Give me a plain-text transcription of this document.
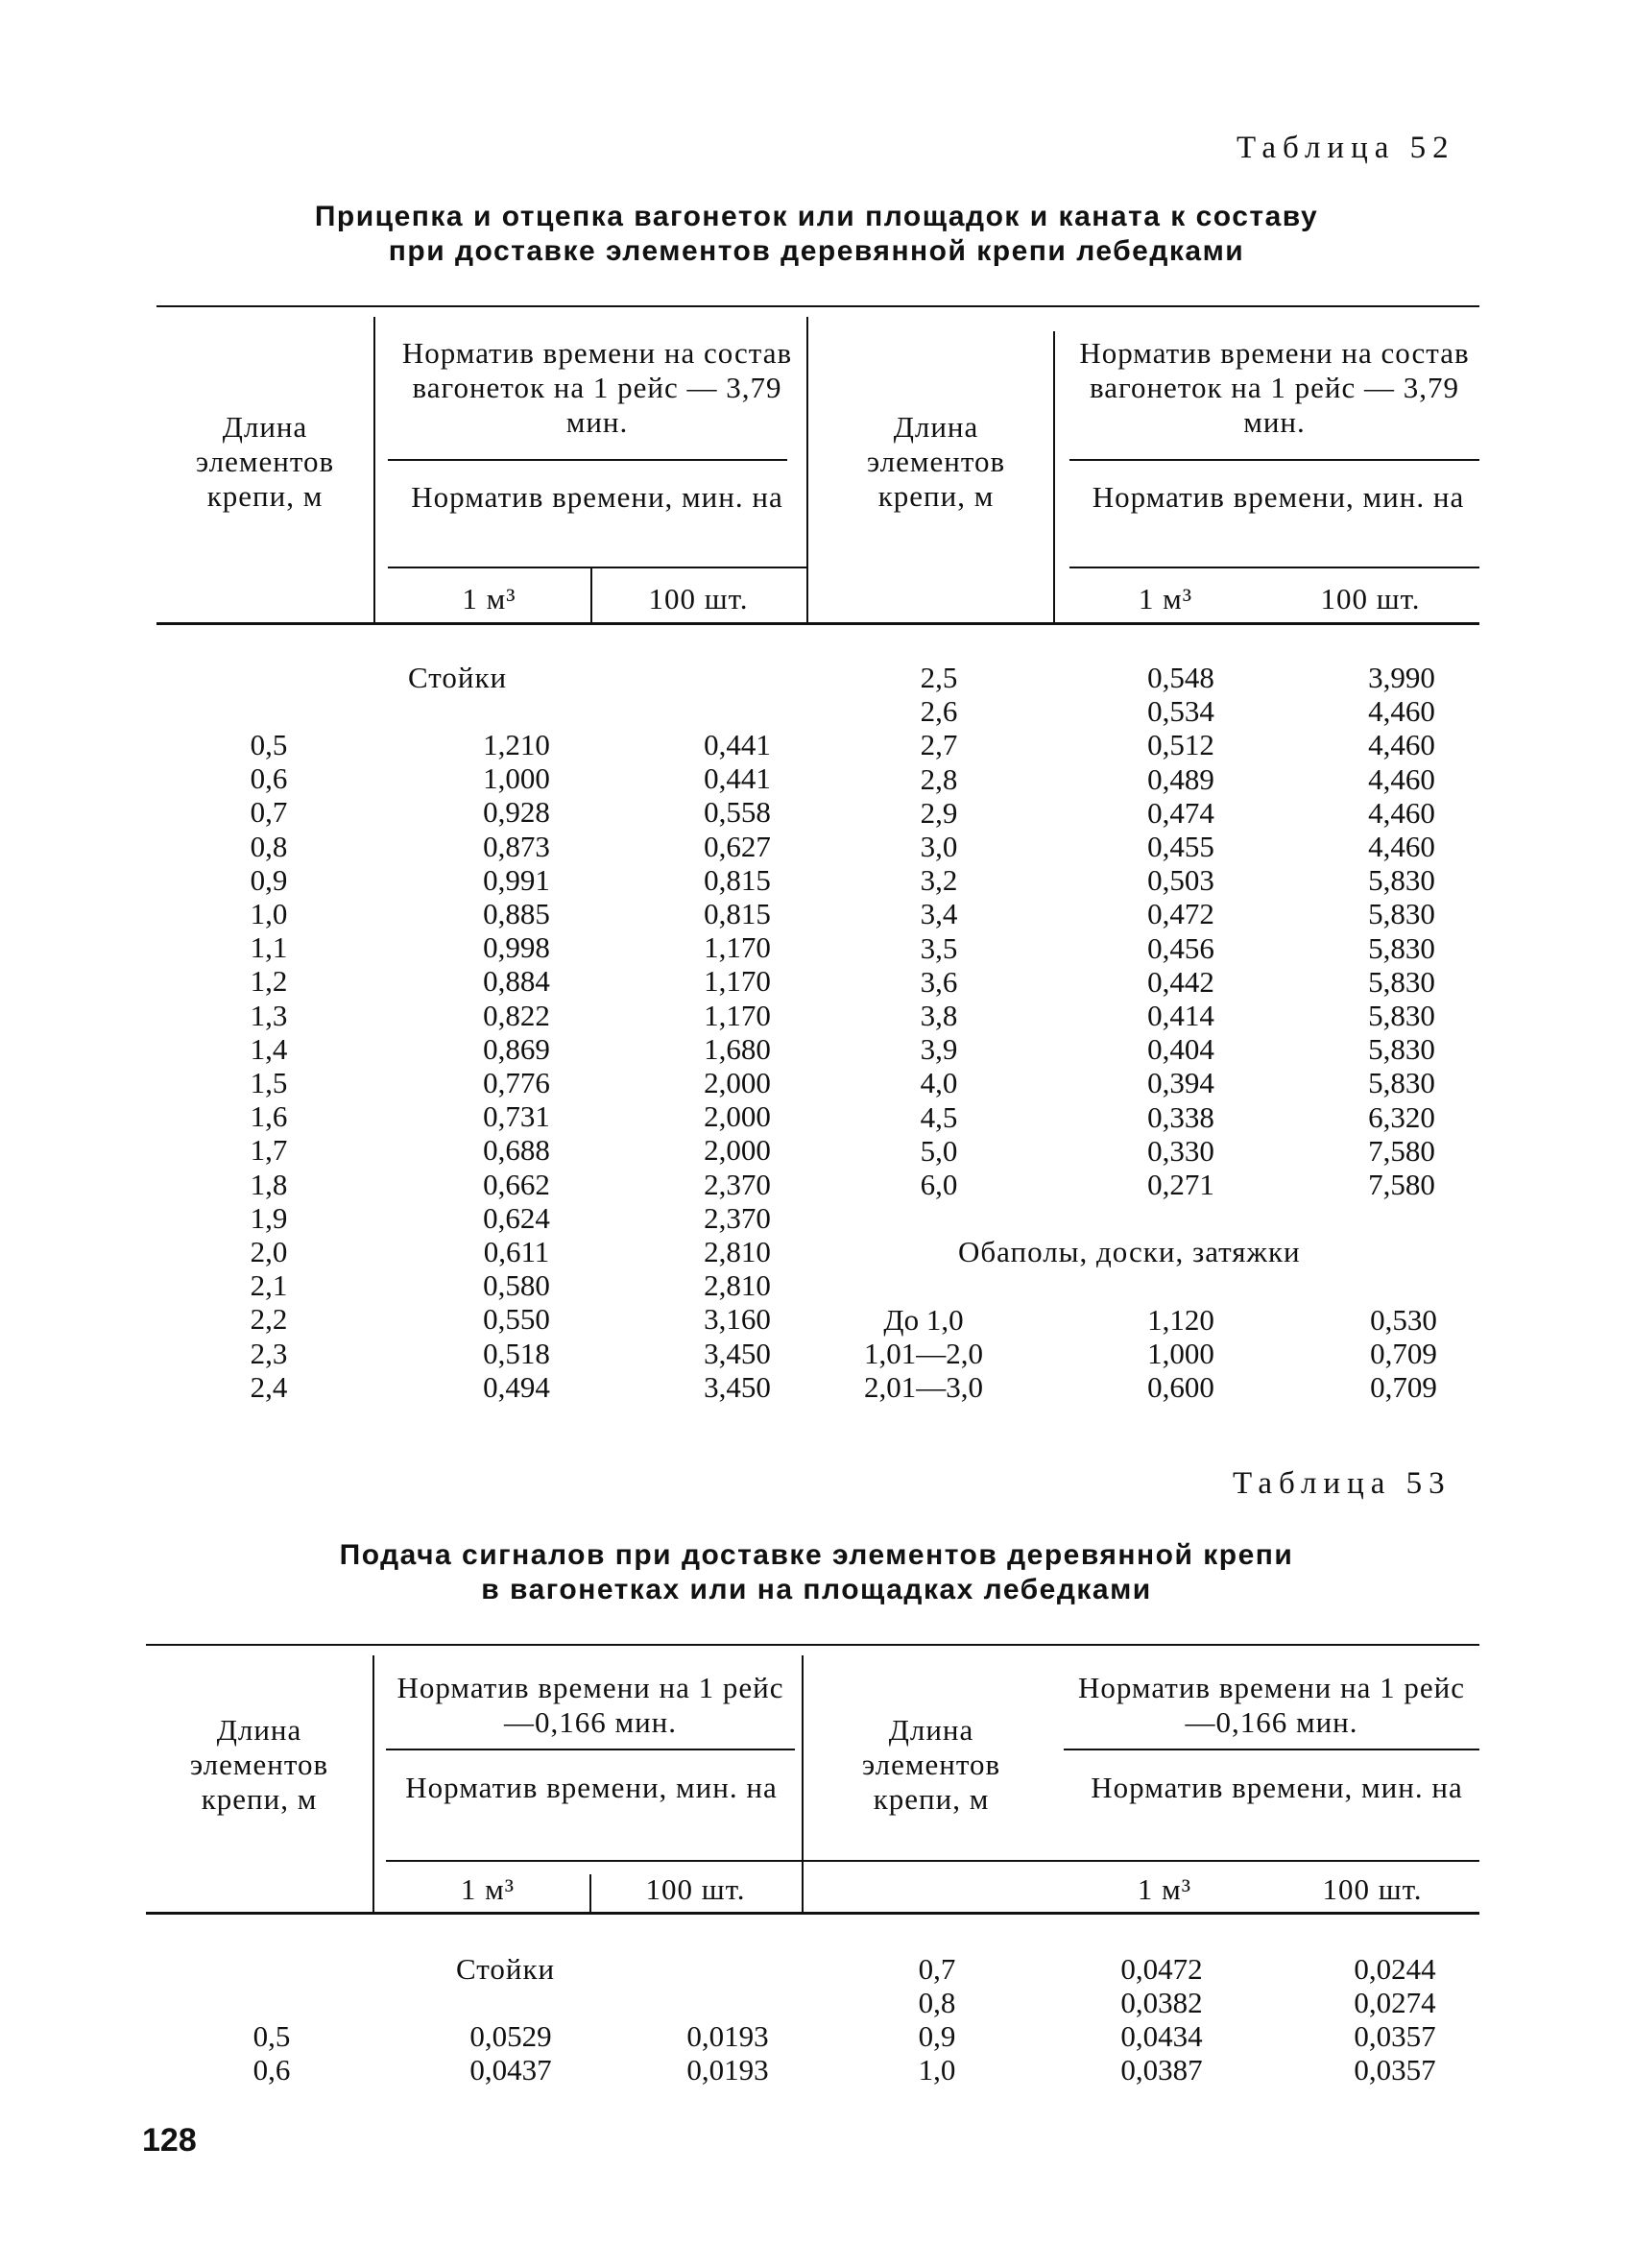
Таблица 52
Прицепка и отцепка вагонеток или площадок и каната к составу
при доставке элементов деревянной крепи лебедками
Длина элементов крепи, м
Норматив времени на состав вагонеток на 1 рейс — 3,79 мин.
Норматив времени, мин. на
1 м³	100 шт.
Длина элементов крепи, м
Норматив времени на состав вагонеток на 1 рейс — 3,79 мин.
Норматив времени, мин. на
1 м³	100 шт.
Стойки
0,5	1,210	0,441
0,6	1,000	0,441
0,7	0,928	0,558
0,8	0,873	0,627
0,9	0,991	0,815
1,0	0,885	0,815
1,1	0,998	1,170
1,2	0,884	1,170
1,3	0,822	1,170
1,4	0,869	1,680
1,5	0,776	2,000
1,6	0,731	2,000
1,7	0,688	2,000
1,8	0,662	2,370
1,9	0,624	2,370
2,0	0,611	2,810
2,1	0,580	2,810
2,2	0,550	3,160
2,3	0,518	3,450
2,4	0,494	3,450
2,5	0,548	3,990
2,6	0,534	4,460
2,7	0,512	4,460
2,8	0,489	4,460
2,9	0,474	4,460
3,0	0,455	4,460
3,2	0,503	5,830
3,4	0,472	5,830
3,5	0,456	5,830
3,6	0,442	5,830
3,8	0,414	5,830
3,9	0,404	5,830
4,0	0,394	5,830
4,5	0,338	6,320
5,0	0,330	7,580
6,0	0,271	7,580
Обаполы, доски, затяжки
До 1,0	1,120	0,530
1,01—2,0	1,000	0,709
2,01—3,0	0,600	0,709
Таблица 53
Подача сигналов при доставке элементов деревянной крепи
в вагонетках или на площадках лебедками
Длина элементов крепи, м
Норматив времени на 1 рейс—0,166 мин.
Норматив времени, мин. на
1 м³	100 шт.
Длина элементов крепи, м
Норматив времени на 1 рейс—0,166 мин.
Норматив времени, мин. на
1 м³	100 шт.
Стойки
0,5	0,0529	0,0193
0,6	0,0437	0,0193
0,7	0,0472	0,0244
0,8	0,0382	0,0274
0,9	0,0434	0,0357
1,0	0,0387	0,0357
128
